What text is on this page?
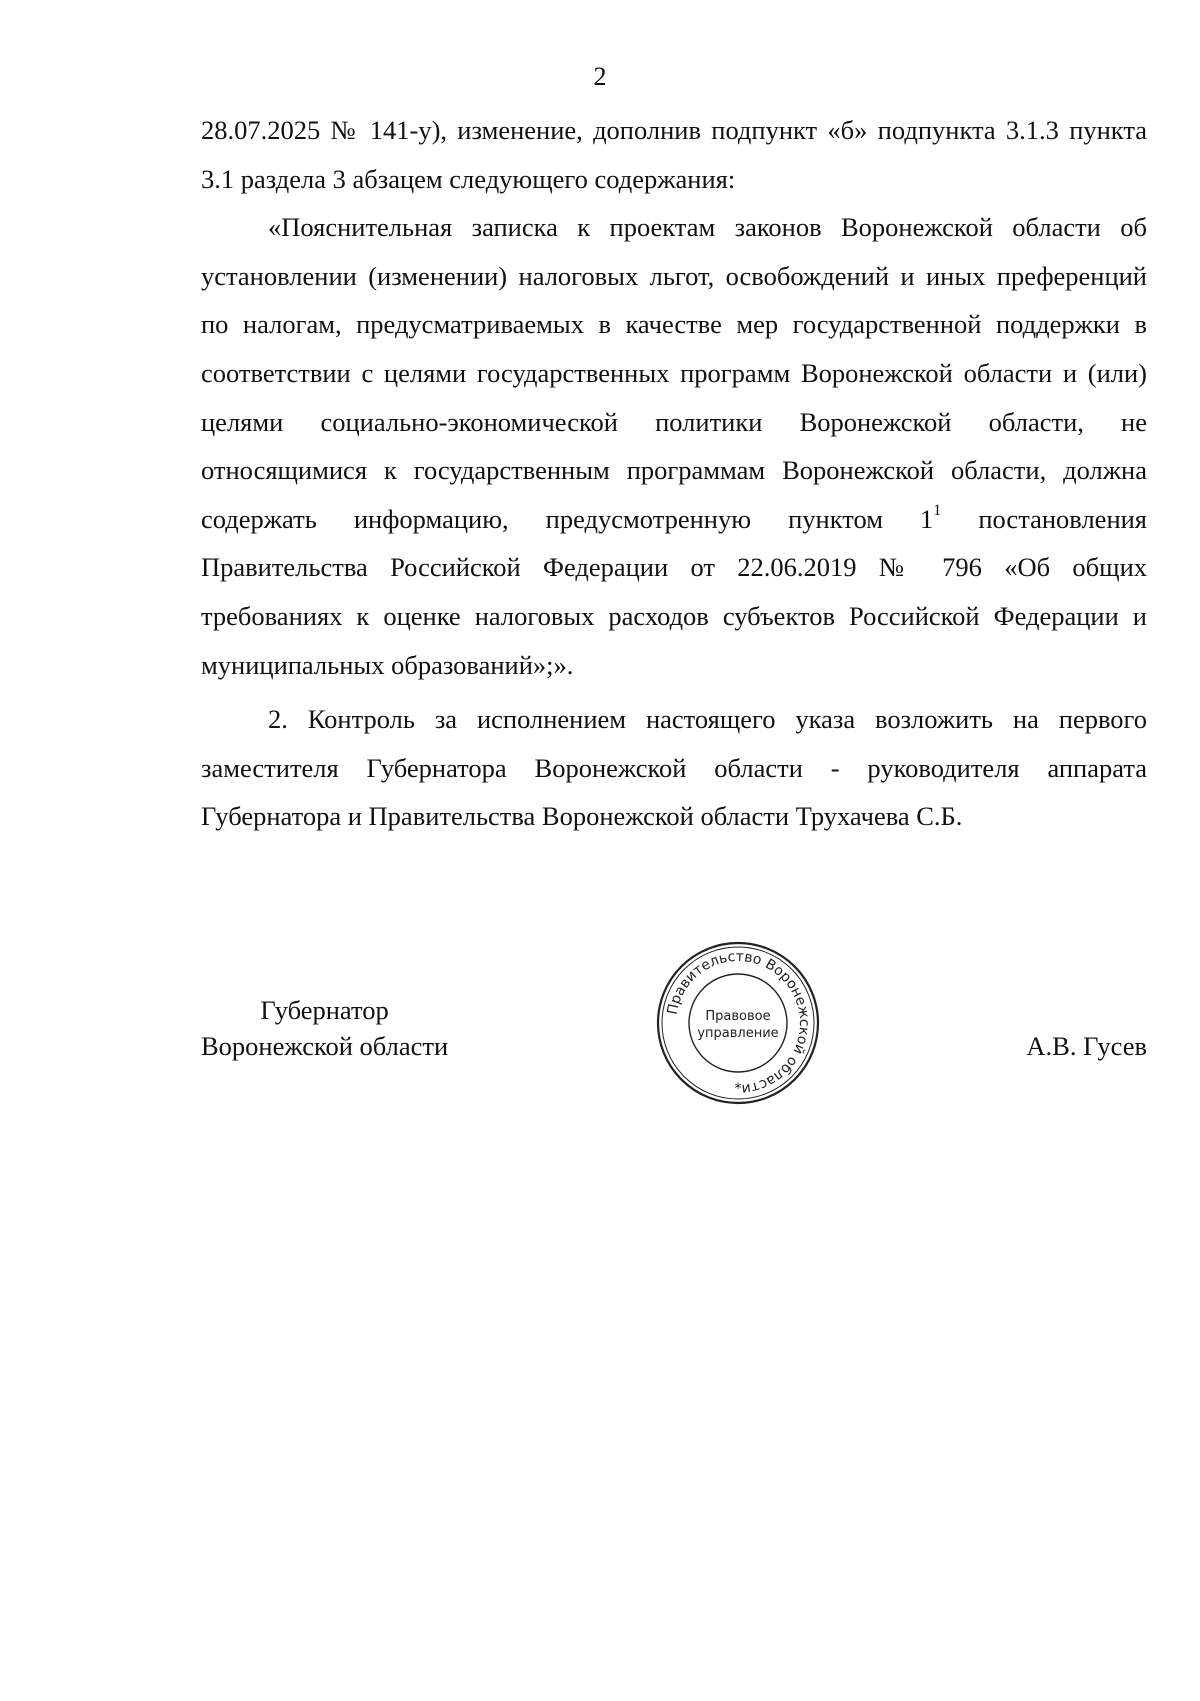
2

28.07.2025 № 141-у), изменение, дополнив подпункт «б» подпункта 3.1.3 пункта 3.1 раздела 3 абзацем следующего содержания:

«Пояснительная записка к проектам законов Воронежской области об установлении (изменении) налоговых льгот, освобождений и иных преференций по налогам, предусматриваемых в качестве мер государственной поддержки в соответствии с целями государственных программ Воронежской области и (или) целями социально-экономической политики Воронежской области, не относящимися к государственным программам Воронежской области, должна содержать информацию, предусмотренную пунктом $1^1$ постановления Правительства Российской Федерации от 22.06.2019 № 796 «Об общих требованиях к оценке налоговых расходов субъектов Российской Федерации и муниципальных образований»;».

2. Контроль за исполнением настоящего указа возложить на первого заместителя Губернатора Воронежской области - руководителя аппарата Губернатора и Правительства Воронежской области Трухачева С.Б.

Губернатор
Воронежской области
Правительство Воронежской области
Правовое
управление
*
А.В. Гусев
